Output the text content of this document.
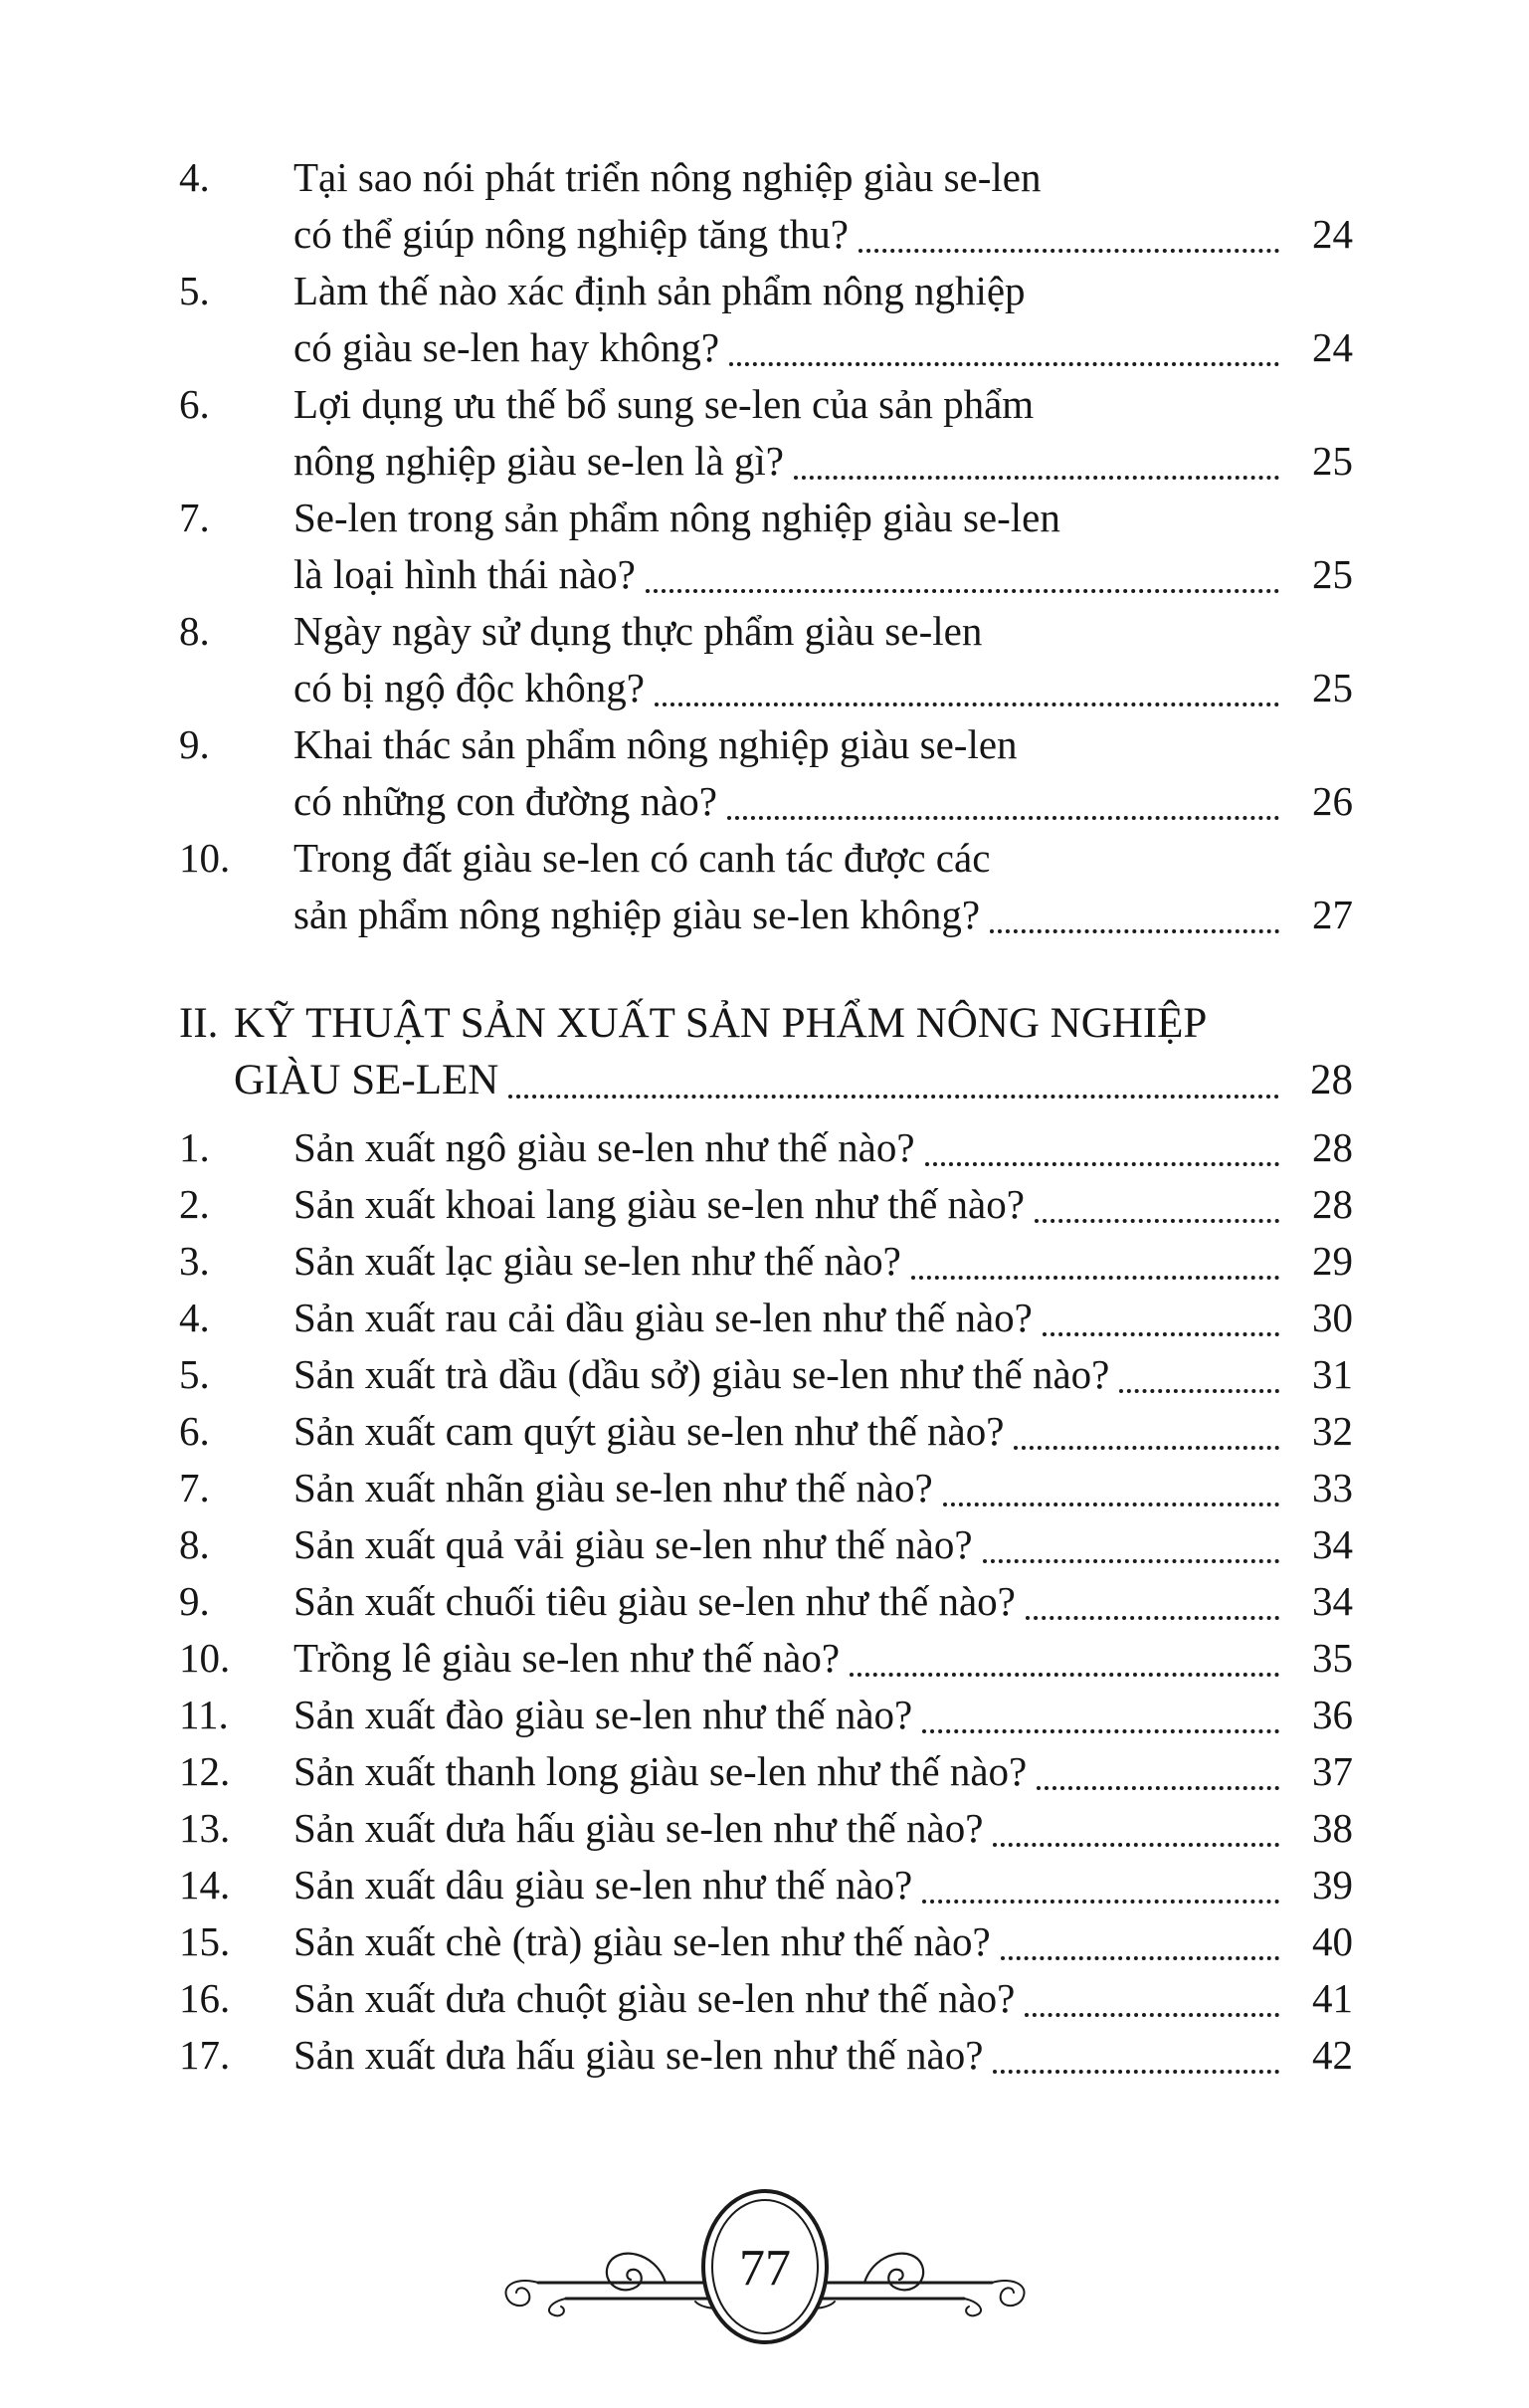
4.	Tại sao nói phát triển nông nghiệp giàu se-len
có thể giúp nông nghiệp tăng thu?	24
5.	Làm thế nào xác định sản phẩm nông nghiệp
có giàu se-len hay không?	24
6.	Lợi dụng ưu thế bổ sung se-len của sản phẩm
nông nghiệp giàu se-len là gì?	25
7.	Se-len trong sản phẩm nông nghiệp giàu se-len
là loại hình thái nào?	25
8.	Ngày ngày sử dụng thực phẩm giàu se-len
có bị ngộ độc không?	25
9.	Khai thác sản phẩm nông nghiệp giàu se-len
có những con đường nào?	26
10.	Trong đất giàu se-len có canh tác được các
sản phẩm nông nghiệp giàu se-len không?	27
II. KỸ THUẬT SẢN XUẤT SẢN PHẨM NÔNG NGHIỆP
GIÀU SE-LEN	28
1.	Sản xuất ngô giàu se-len như thế nào?	28
2.	Sản xuất khoai lang giàu se-len như thế nào?	28
3.	Sản xuất lạc giàu se-len như thế nào?	29
4.	Sản xuất rau cải dầu giàu se-len như thế nào?	30
5.	Sản xuất trà dầu (dầu sở) giàu se-len như thế nào?	31
6.	Sản xuất cam quýt giàu se-len như thế nào?	32
7.	Sản xuất nhãn giàu se-len như thế nào?	33
8.	Sản xuất quả vải giàu se-len như thế nào?	34
9.	Sản xuất chuối tiêu giàu se-len như thế nào?	34
10.	Trồng lê giàu se-len như thế nào?	35
11.	Sản xuất đào giàu se-len như thế nào?	36
12.	Sản xuất thanh long giàu se-len như thế nào?	37
13.	Sản xuất dưa hấu giàu se-len như thế nào?	38
14.	Sản xuất dâu giàu se-len như thế nào?	39
15.	Sản xuất chè (trà) giàu se-len như thế nào?	40
16.	Sản xuất dưa chuột giàu se-len như thế nào?	41
17.	Sản xuất dưa hấu giàu se-len như thế nào?	42
77
